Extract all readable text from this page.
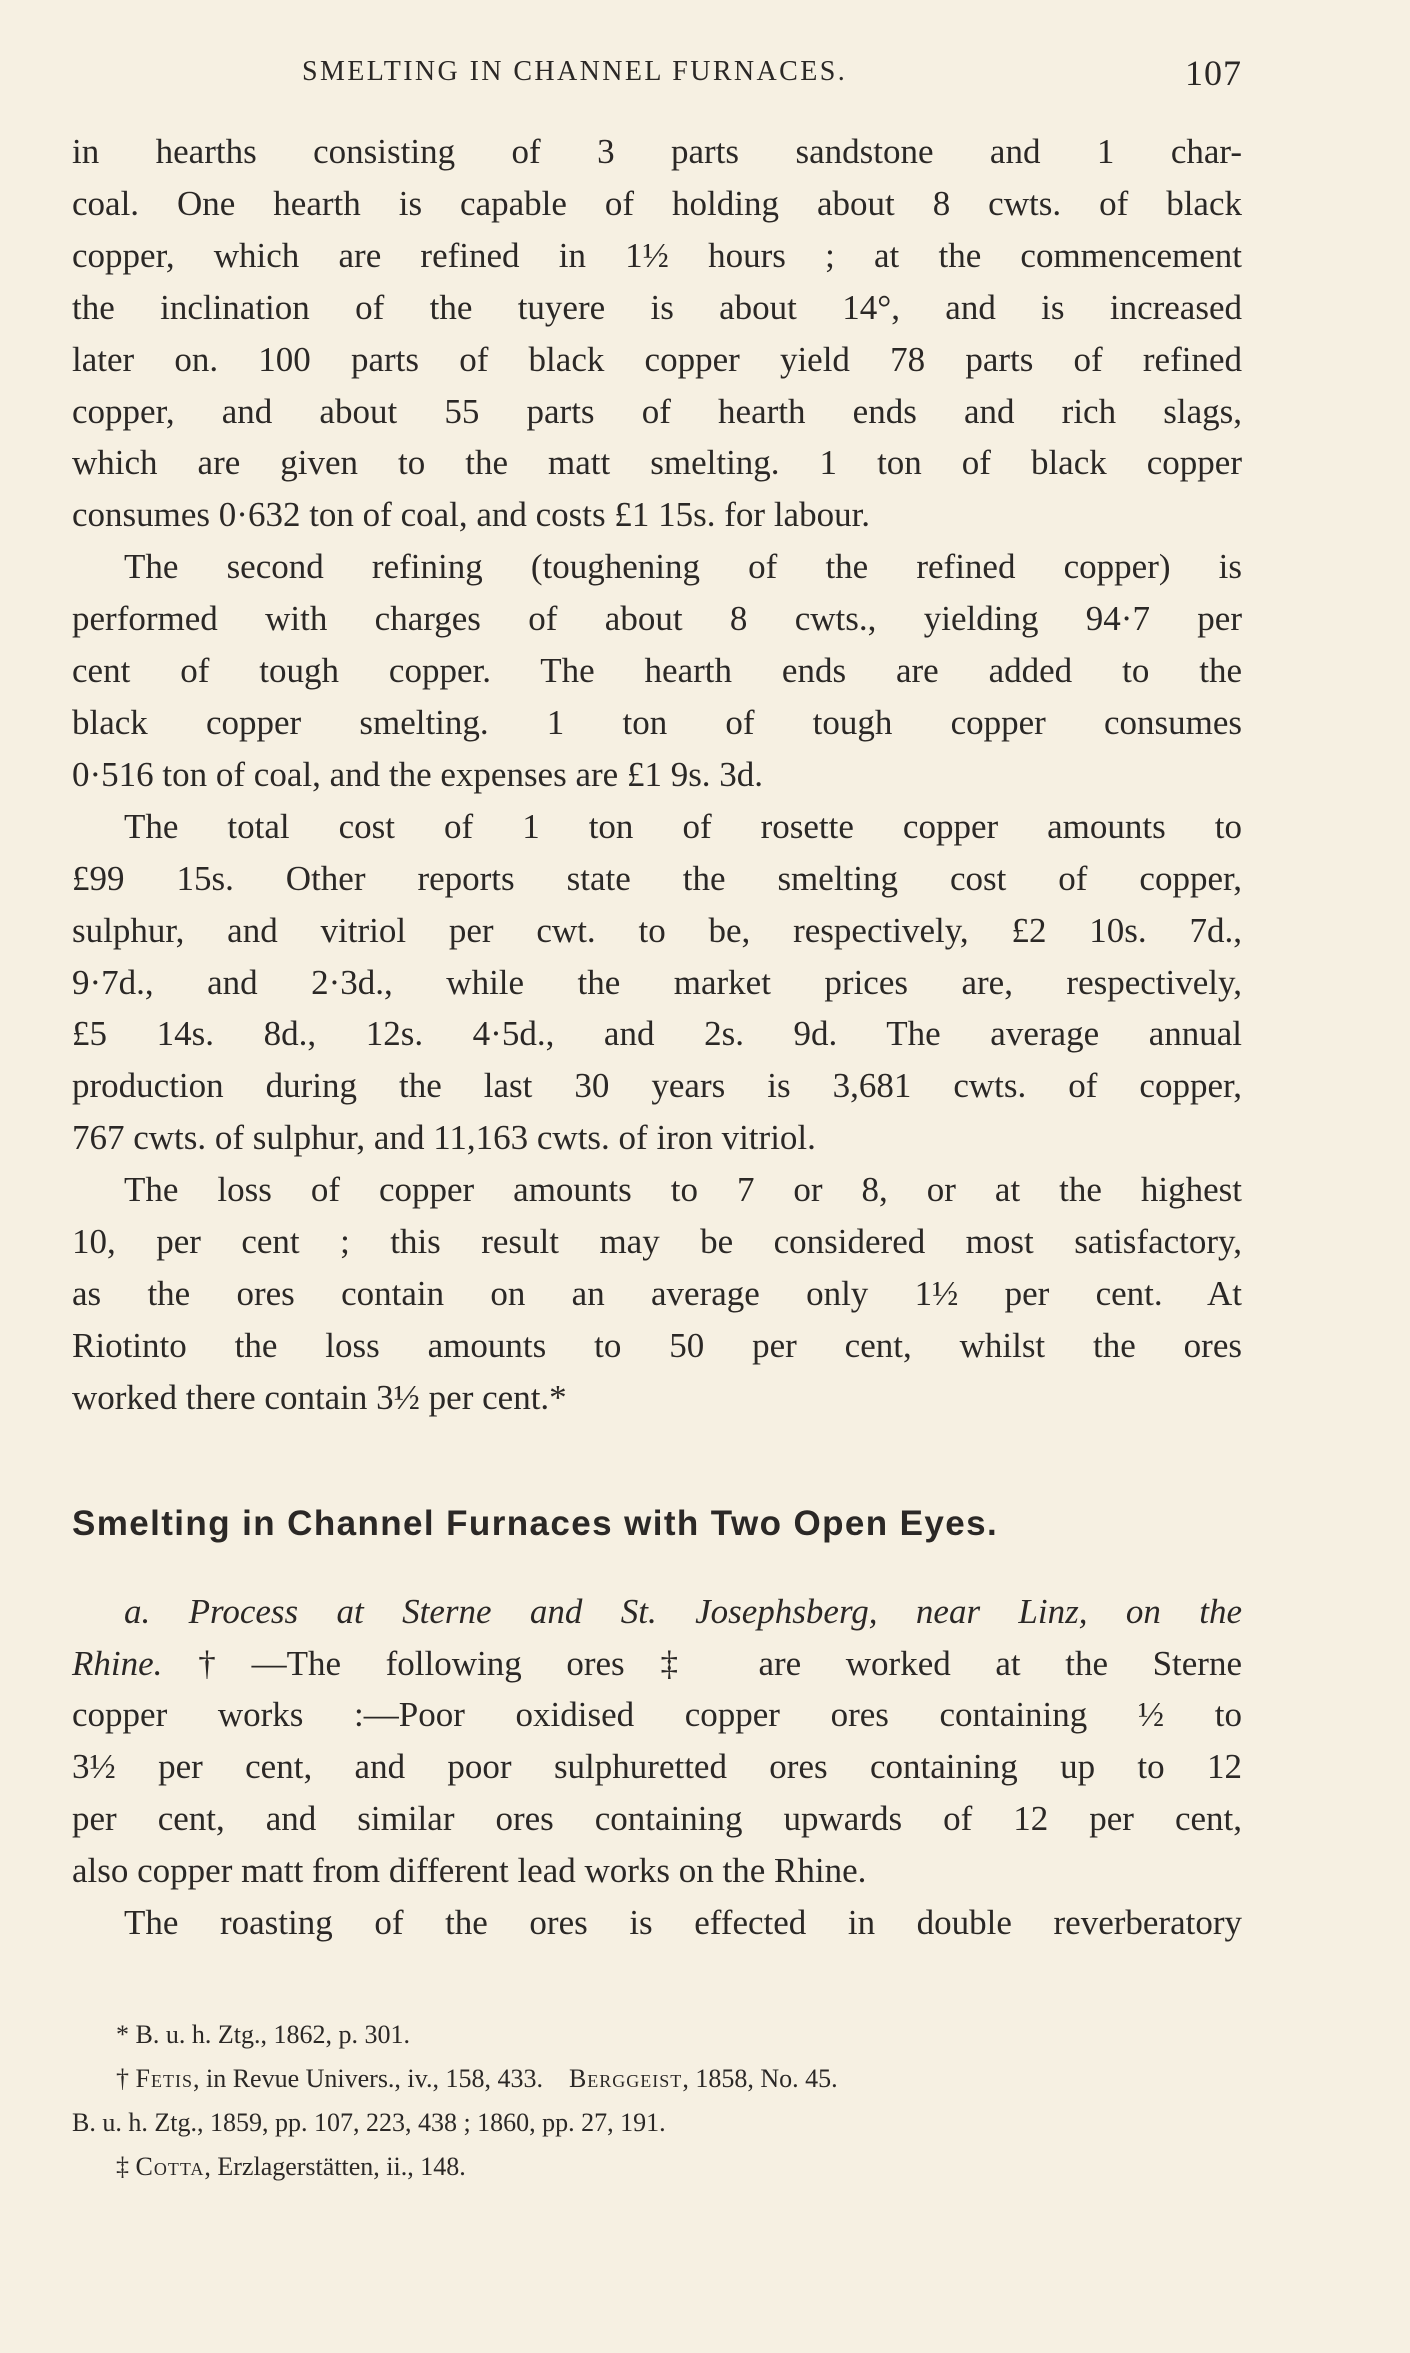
SMELTING IN CHANNEL FURNACES.	107

in hearths consisting of 3 parts sandstone and 1 char-
coal. One hearth is capable of holding about 8 cwts. of black
copper, which are refined in 1½ hours ; at the commencement
the inclination of the tuyere is about 14°, and is increased
later on. 100 parts of black copper yield 78 parts of refined
copper, and about 55 parts of hearth ends and rich slags,
which are given to the matt smelting. 1 ton of black copper
consumes 0·632 ton of coal, and costs £1 15s. for labour.

The second refining (toughening of the refined copper) is
performed with charges of about 8 cwts., yielding 94·7 per
cent of tough copper. The hearth ends are added to the
black copper smelting. 1 ton of tough copper consumes
0·516 ton of coal, and the expenses are £1 9s. 3d.

The total cost of 1 ton of rosette copper amounts to
£99 15s. Other reports state the smelting cost of copper,
sulphur, and vitriol per cwt. to be, respectively, £2 10s. 7d.,
9·7d., and 2·3d., while the market prices are, respectively,
£5 14s. 8d., 12s. 4·5d., and 2s. 9d. The average annual
production during the last 30 years is 3,681 cwts. of copper,
767 cwts. of sulphur, and 11,163 cwts. of iron vitriol.

The loss of copper amounts to 7 or 8, or at the highest
10, per cent ; this result may be considered most satisfactory,
as the ores contain on an average only 1½ per cent. At
Riotinto the loss amounts to 50 per cent, whilst the ores
worked there contain 3½ per cent.*

Smelting in Channel Furnaces with Two Open Eyes.

a. Process at Sterne and St. Josephsberg, near Linz, on the
Rhine.†—The following ores‡ are worked at the Sterne
copper works :—Poor oxidised copper ores containing ½ to
3½ per cent, and poor sulphuretted ores containing up to 12
per cent, and similar ores containing upwards of 12 per cent,
also copper matt from different lead works on the Rhine.

The roasting of the ores is effected in double reverberatory

* B. u. h. Ztg., 1862, p. 301.

† Fetis, in Revue Univers., iv., 158, 433. Berggeist, 1858, No. 45.

B. u. h. Ztg., 1859, pp. 107, 223, 438 ; 1860, pp. 27, 191.

‡ Cotta, Erzlagerstätten, ii., 148.
